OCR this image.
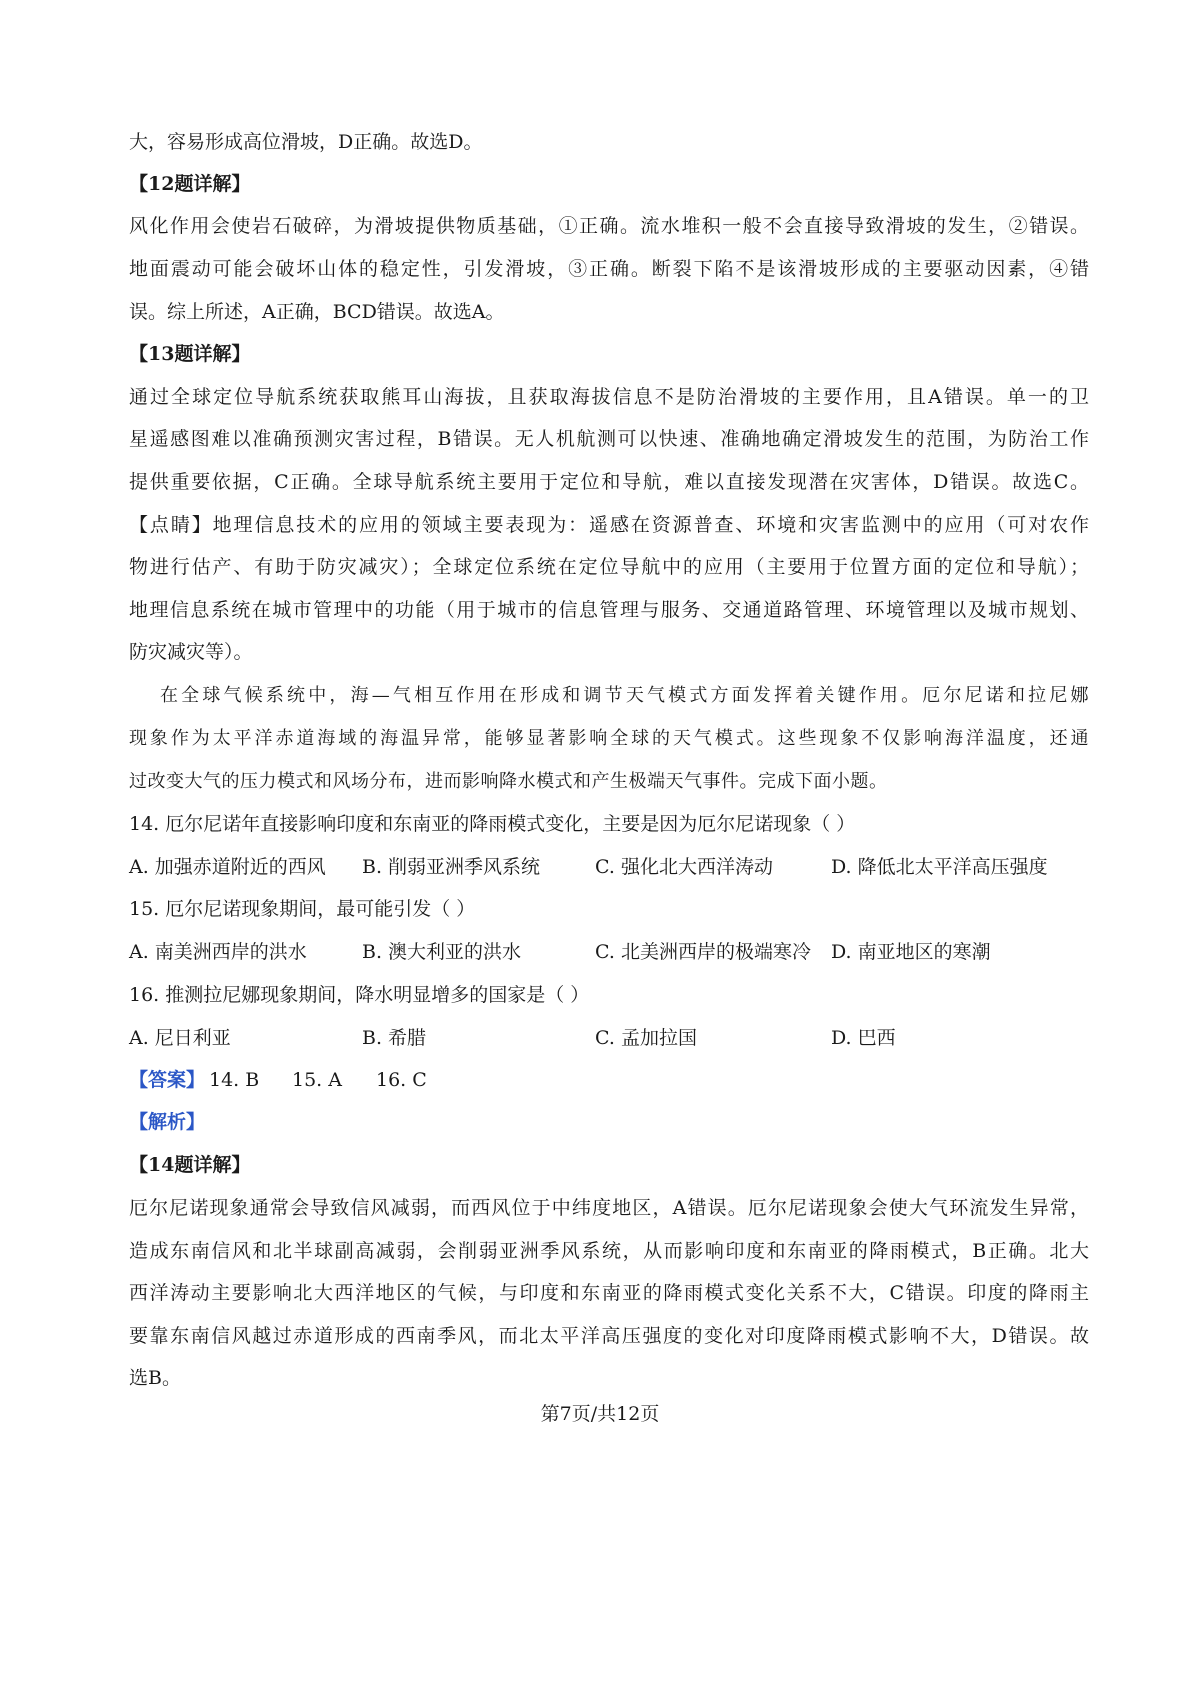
大，容易形成高位滑坡，D正确。故选D。
【12题详解】
风化作用会使岩石破碎，为滑坡提供物质基础，①正确。流水堆积一般不会直接导致滑坡的发生，②错误。
地面震动可能会破坏山体的稳定性，引发滑坡，③正确。断裂下陷不是该滑坡形成的主要驱动因素，④错
误。综上所述，A正确，BCD错误。故选A。
【13题详解】
通过全球定位导航系统获取熊耳山海拔，且获取海拔信息不是防治滑坡的主要作用，且A错误。单一的卫
星遥感图难以准确预测灾害过程，B错误。无人机航测可以快速、准确地确定滑坡发生的范围，为防治工作
提供重要依据，C正确。全球导航系统主要用于定位和导航，难以直接发现潜在灾害体，D错误。故选C。
【点睛】地理信息技术的应用的领域主要表现为：遥感在资源普查、环境和灾害监测中的应用（可对农作
物进行估产、有助于防灾减灾）；全球定位系统在定位导航中的应用（主要用于位置方面的定位和导航）；
地理信息系统在城市管理中的功能（用于城市的信息管理与服务、交通道路管理、环境管理以及城市规划、
防灾减灾等）。
在全球气候系统中，海—气相互作用在形成和调节天气模式方面发挥着关键作用。厄尔尼诺和拉尼娜
现象作为太平洋赤道海域的海温异常，能够显著影响全球的天气模式。这些现象不仅影响海洋温度，还通
过改变大气的压力模式和风场分布，进而影响降水模式和产生极端天气事件。完成下面小题。
14. 厄尔尼诺年直接影响印度和东南亚的降雨模式变化，主要是因为厄尔尼诺现象（ ）
A. 加强赤道附近的西风 B. 削弱亚洲季风系统	C. 强化北大西洋涛动	D. 降低北太平洋高压强度
15. 厄尔尼诺现象期间，最可能引发（ ）
A. 南美洲西岸的洪水	B. 澳大利亚的洪水	C. 北美洲西岸的极端寒冷 D. 南亚地区的寒潮
16. 推测拉尼娜现象期间，降水明显增多的国家是（ ）
A. 尼日利亚	B. 希腊	C. 孟加拉国	D. 巴西
【答案】 14. B 15. A 16. C
【解析】
【14题详解】
厄尔尼诺现象通常会导致信风减弱，而西风位于中纬度地区，A错误。厄尔尼诺现象会使大气环流发生异常，
造成东南信风和北半球副高减弱，会削弱亚洲季风系统，从而影响印度和东南亚的降雨模式，B正确。北大
西洋涛动主要影响北大西洋地区的气候，与印度和东南亚的降雨模式变化关系不大，C错误。印度的降雨主
要靠东南信风越过赤道形成的西南季风，而北太平洋高压强度的变化对印度降雨模式影响不大，D错误。故
选B。
第7页/共12页
